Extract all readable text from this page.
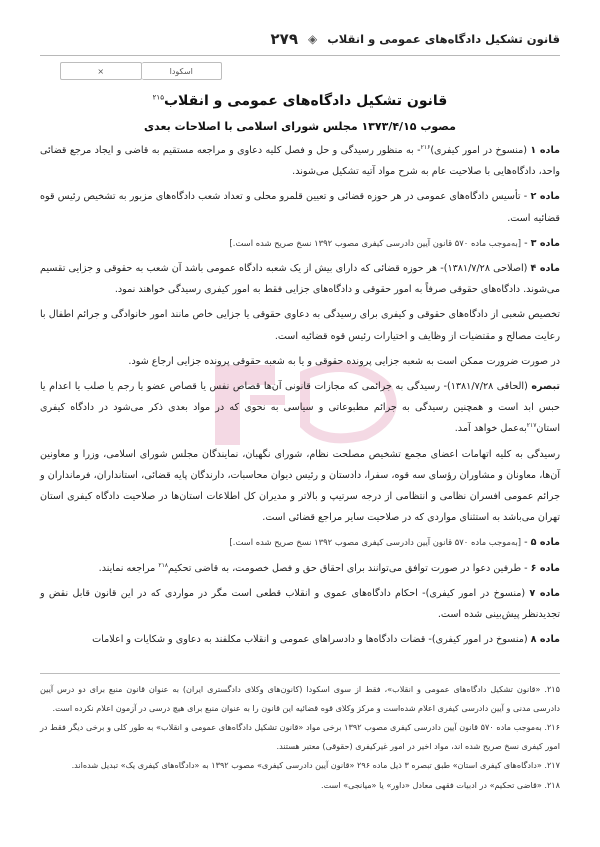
قانون تشکیل دادگاه‌های عمومی و انقلاب
◈
۲۷۹
×	اسکودا
قانون تشکیل دادگاه‌های عمومی و انقلاب$^{۲۱۵}$
مصوب ۱۳۷۳/۴/۱۵ مجلس شورای اسلامی با اصلاحات بعدی

ماده ۱ (منسوخ در امور کیفری)$^{۲۱۶}$- به منظور رسیدگی و حل و فصل کلیه دعاوی و مراجعه مستقیم به قاضی و ایجاد مرجع قضائی واحد، دادگاه‌هایی با صلاحیت عام به شرح مواد آتیه تشکیل می‌شوند.

ماده ۲ - تأسیس دادگاه‌های عمومی در هر حوزه قضائی و تعیین قلمرو محلی و تعداد شعب دادگاه‌های مزبور به تشخیص رئیس قوه قضائیه است.

ماده ۳ - [به‌موجب ماده ۵۷۰ قانون آیین دادرسی کیفری مصوب ۱۳۹۲ نسخ صریح شده است.]

ماده ۴ (اصلاحی ۱۳۸۱/۷/۲۸)- هر حوزه قضائی که دارای بیش از یک شعبه دادگاه عمومی باشد آن شعب به حقوقی و جزایی تقسیم می‌شوند. دادگاه‌های حقوقی صرفاً به امور حقوقی و دادگاه‌های جزایی فقط به امور کیفری رسیدگی خواهند نمود.

تخصیص شعبی از دادگاه‌های حقوقی و کیفری برای رسیدگی به دعاوی حقوقی یا جزایی خاص مانند امور خانوادگی و جرائم اطفال با رعایت مصالح و مقتضیات از وظایف و اختیارات رئیس قوه قضائیه است.

در صورت ضرورت ممکن است به شعبه جزایی پرونده حقوقی و یا به شعبه حقوقی پرونده جزایی ارجاع شود.

تبصره (الحاقی ۱۳۸۱/۷/۲۸)- رسیدگی به جرائمی که مجازات قانونی آن‌ها قصاص نفس یا قصاص عضو یا رجم یا صلب یا اعدام یا حبس ابد است و همچنین رسیدگی به جرائم مطبوعاتی و سیاسی به نحوی که در مواد بعدی ذکر می‌شود در دادگاه کیفری استان$^{۲۱۷}$به‌عمل خواهد آمد.

رسیدگی به کلیه اتهامات اعضای مجمع تشخیص مصلحت نظام، شورای نگهبان، نمایندگان مجلس شورای اسلامی، وزرا و معاونین آن‌ها، معاونان و مشاوران رؤسای سه قوه، سفرا، دادستان و رئیس دیوان محاسبات، دارندگان پایه قضائی، استانداران، فرمانداران و جرائم عمومی افسران نظامی و انتظامی از درجه سرتیپ و بالاتر و مدیران کل اطلاعات استان‌ها در صلاحیت دادگاه کیفری استان تهران می‌باشد به استثنای مواردی که در صلاحیت سایر مراجع قضائی است.

ماده ۵ - [به‌موجب ماده ۵۷۰ قانون آیین دادرسی کیفری مصوب ۱۳۹۲ نسخ صریح شده است.]

ماده ۶ - طرفین دعوا در صورت توافق می‌توانند برای احقاق حق و فصل خصومت، به قاضی تحکیم$^{۲۱۸}$ مراجعه نمایند.

ماده ۷ (منسوخ در امور کیفری)- احکام دادگاه‌های عموی و انقلاب قطعی است مگر در مواردی که در این قانون قابل نقض و تجدیدنظر پیش‌بینی شده است.

ماده ۸ (منسوخ در امور کیفری)- قضات دادگاه‌ها و دادسراهای عمومی و انقلاب مکلفند به دعاوی و شکایات و اعلامات

۲۱۵. «قانون تشکیل دادگاه‌های عمومی و انقلاب»، فقط از سوی اسکودا (کانون‌های وکلای دادگستری ایران) به عنوان قانون منبع برای دو درس آیین دادرسی مدنی و آیین دادرسی کیفری اعلام شده‌است و مرکز وکلای قوه قضائیه این قانون را به عنوان منبع برای هیچ درسی در آزمون اعلام نکرده است.

۲۱۶. به‌موجب ماده ۵۷۰ قانون آیین دادرسی کیفری مصوب ۱۳۹۲ برخی مواد «قانون تشکیل دادگاه‌های عمومی و انقلاب» به طور کلی و برخی دیگر فقط در امور کیفری نسخ صریح شده اند، مواد اخیر در امور غیرکیفری (حقوقی) معتبر هستند.

۲۱۷. «دادگاه‌های کیفری استان» طبق تبصره ۳ ذیل ماده ۲۹۶ «قانون آیین دادرسی کیفری» مصوب ۱۳۹۲ به «دادگاه‌های کیفری یک» تبدیل شده‌اند.

۲۱۸. «قاضی تحکیم» در ادبیات فقهی معادل «داور» یا «میانجی» است.
